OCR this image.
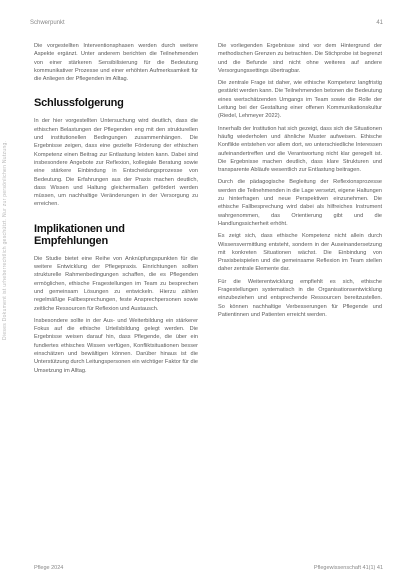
Dieses Dokument ist urheberrechtlich geschützt. Nur zur persönlichen Nutzung.
Schwerpunkt	41

Die vorgestellten Interventionsphasen werden durch weitere Aspekte ergänzt. Unter anderem berichten die Teilnehmenden von einer stärkeren Sensibilisierung für die Bedeutung kommunikativer Prozesse und einer erhöhten Aufmerksamkeit für die Anliegen der Pflegenden im Alltag.

Schlussfolgerung

In der hier vorgestellten Untersuchung wird deutlich, dass die ethischen Belastungen der Pflegenden eng mit den strukturellen und institutionellen Bedingungen zusammenhängen. Die Ergebnisse zeigen, dass eine gezielte Förderung der ethischen Kompetenz einen Beitrag zur Entlastung leisten kann. Dabei sind insbesondere Angebote zur Reflexion, kollegiale Beratung sowie eine stärkere Einbindung in Entscheidungsprozesse von Bedeutung. Die Erfahrungen aus der Praxis machen deutlich, dass Wissen und Haltung gleichermaßen gefördert werden müssen, um nachhaltige Veränderungen in der Versorgung zu erreichen.

Implikationen und Empfehlungen

Die Studie bietet eine Reihe von Anknüpfungspunkten für die weitere Entwicklung der Pflegepraxis. Einrichtungen sollten strukturelle Rahmenbedingungen schaffen, die es Pflegenden ermöglichen, ethische Fragestellungen im Team zu besprechen und gemeinsam Lösungen zu entwickeln. Hierzu zählen regelmäßige Fallbesprechungen, feste Ansprechpersonen sowie zeitliche Ressourcen für Reflexion und Austausch.

Insbesondere sollte in der Aus- und Weiterbildung ein stärkerer Fokus auf die ethische Urteilsbildung gelegt werden. Die Ergebnisse weisen darauf hin, dass Pflegende, die über ein fundiertes ethisches Wissen verfügen, Konfliktsituationen besser einschätzen und bewältigen können. Darüber hinaus ist die Unterstützung durch Leitungspersonen ein wichtiger Faktor für die Umsetzung im Alltag.

Die vorliegenden Ergebnisse sind vor dem Hintergrund der methodischen Grenzen zu betrachten. Die Stichprobe ist begrenzt und die Befunde sind nicht ohne weiteres auf andere Versorgungssettings übertragbar.

Die zentrale Frage ist daher, wie ethische Kompetenz langfristig gestärkt werden kann. Die Teilnehmenden betonen die Bedeutung eines wertschätzenden Umgangs im Team sowie die Rolle der Leitung bei der Gestaltung einer offenen Kommunikationskultur (Riedel, Lehmeyer 2022).

Innerhalb der Institution hat sich gezeigt, dass sich die Situationen häufig wiederholen und ähnliche Muster aufweisen. Ethische Konflikte entstehen vor allem dort, wo unterschiedliche Interessen aufeinandertreffen und die Verantwortung nicht klar geregelt ist. Die Ergebnisse machen deutlich, dass klare Strukturen und transparente Abläufe wesentlich zur Entlastung beitragen.

Durch die pädagogische Begleitung der Reflexionsprozesse werden die Teilnehmenden in die Lage versetzt, eigene Haltungen zu hinterfragen und neue Perspektiven einzunehmen. Die ethische Fallbesprechung wird dabei als hilfreiches Instrument wahrgenommen, das Orientierung gibt und die Handlungssicherheit erhöht.

Es zeigt sich, dass ethische Kompetenz nicht allein durch Wissensvermittlung entsteht, sondern in der Auseinandersetzung mit konkreten Situationen wächst. Die Einbindung von Praxisbeispielen und die gemeinsame Reflexion im Team stellen daher zentrale Elemente dar.

Für die Weiterentwicklung empfiehlt es sich, ethische Fragestellungen systematisch in die Organisationsentwicklung einzubeziehen und entsprechende Ressourcen bereitzustellen. So können nachhaltige Verbesserungen für Pflegende und Patientinnen und Patienten erreicht werden.

Pflege 2024	Pflegewissenschaft 41(1) 41
